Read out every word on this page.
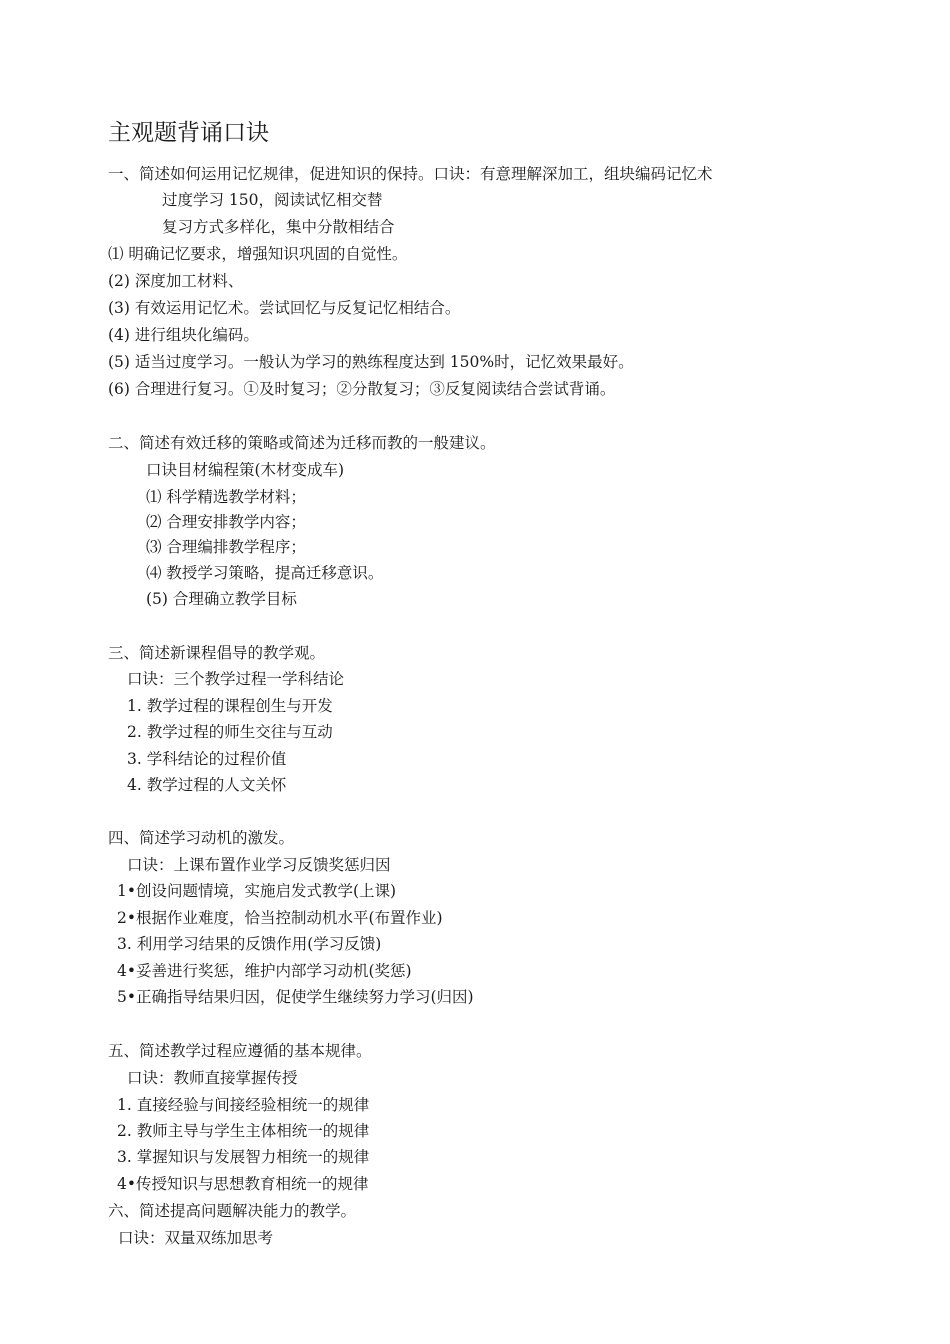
主观题背诵口诀
一、简述如何运用记忆规律，促进知识的保持。口诀：有意理解深加工，组块编码记忆术
过度学习 150，阅读试忆相交替
复习方式多样化，集中分散相结合
⑴ 明确记忆要求，增强知识巩固的自觉性。
(2) 深度加工材料、
(3) 有效运用记忆术。尝试回忆与反复记忆相结合。
(4) 进行组块化编码。
(5) 适当过度学习。一般认为学习的熟练程度达到 150%时，记忆效果最好。
(6) 合理进行复习。①及时复习；②分散复习；③反复阅读结合尝试背诵。
二、简述有效迁移的策略或简述为迁移而教的一般建议。
口诀目材编程策(木材变成车)
⑴ 科学精选教学材料；
⑵ 合理安排教学内容；
⑶ 合理编排教学程序；
⑷ 教授学习策略，提高迁移意识。
(5) 合理确立教学目标
三、简述新课程倡导的教学观。
口诀：三个教学过程一学科结论
1. 教学过程的课程创生与开发
2. 教学过程的师生交往与互动
3. 学科结论的过程价值
4. 教学过程的人文关怀
四、简述学习动机的激发。
口诀：上课布置作业学习反馈奖惩归因
1•创设问题情境，实施启发式教学(上课)
2•根据作业难度，恰当控制动机水平(布置作业)
3. 利用学习结果的反馈作用(学习反馈)
4•妥善进行奖惩，维护内部学习动机(奖惩)
5•正确指导结果归因，促使学生继续努力学习(归因)
五、简述教学过程应遵循的基本规律。
口诀：教师直接掌握传授
1. 直接经验与间接经验相统一的规律
2. 教师主导与学生主体相统一的规律
3. 掌握知识与发展智力相统一的规律
4•传授知识与思想教育相统一的规律
六、简述提高问题解决能力的教学。
口诀：双量双练加思考
